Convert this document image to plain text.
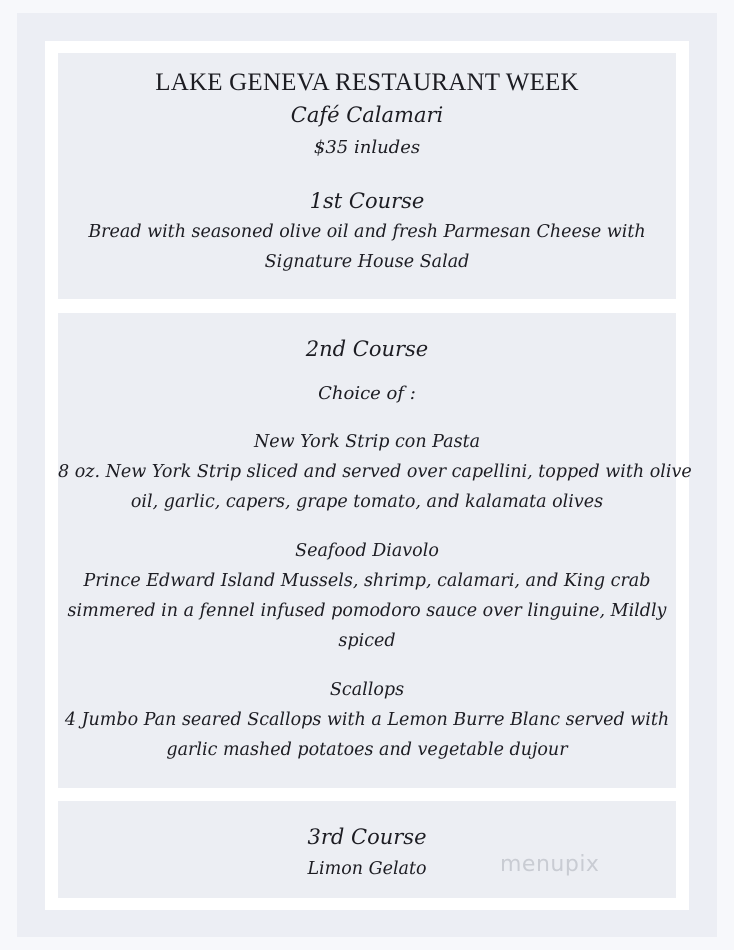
LAKE GENEVA RESTAURANT WEEK
Café Calamari
$35 inludes
1st Course
Bread with seasoned olive oil and fresh Parmesan Cheese with
Signature House Salad
2nd Course
Choice of :
New York Strip con Pasta
8 oz. New York Strip sliced and served over capellini, topped with olive
oil, garlic, capers, grape tomato, and kalamata olives
Seafood Diavolo
Prince Edward Island Mussels, shrimp, calamari, and King crab
simmered in a fennel infused pomodoro sauce over linguine, Mildly
spiced
Scallops
4 Jumbo Pan seared Scallops with a Lemon Burre Blanc served with
garlic mashed potatoes and vegetable dujour
3rd Course
Limon Gelato	menupix
